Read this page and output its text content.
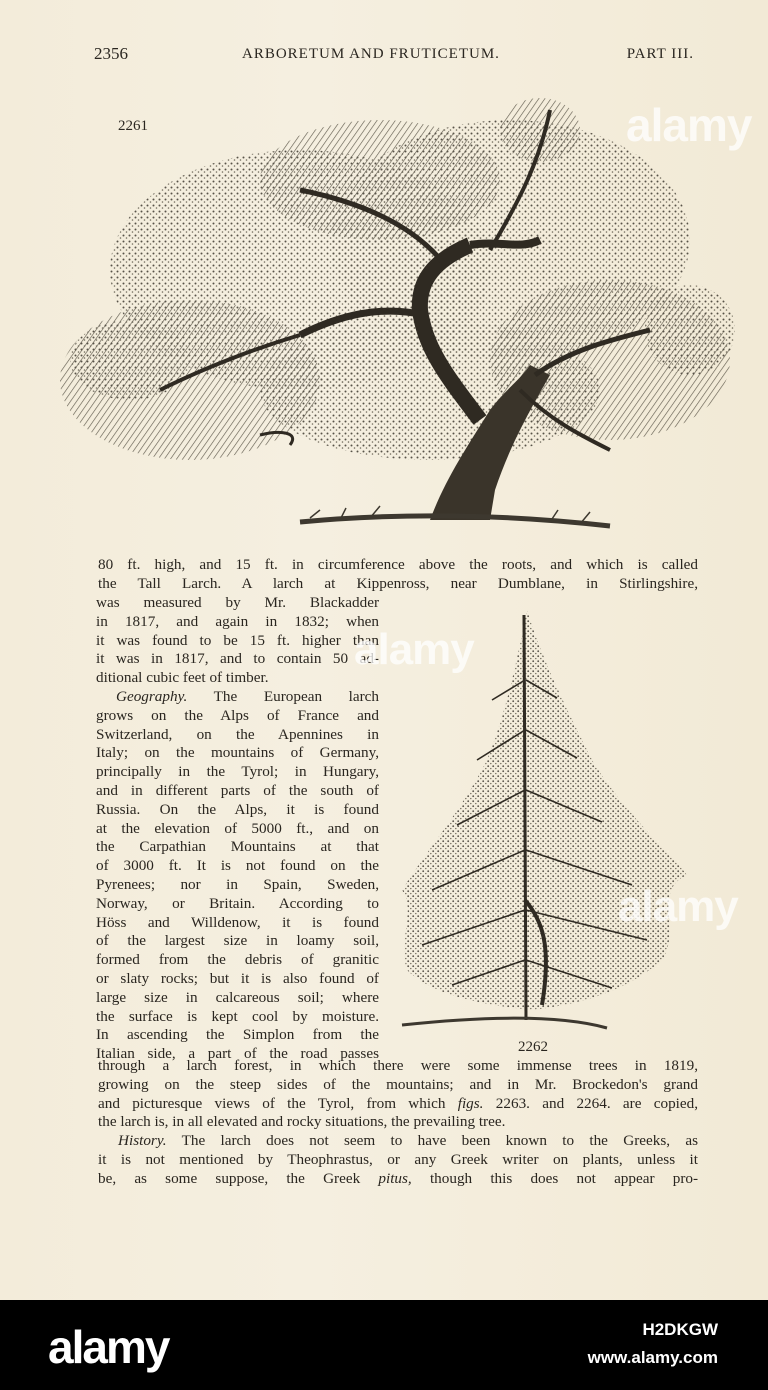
2356	ARBORETUM AND FRUTICETUM.	PART III.
2261	alamy
80 ft. high, and 15 ft. in circumference above the roots, and which is called
the Tall Larch. A larch at Kippenross, near Dumblane, in Stirlingshire,
was measured by Mr. Blackadder
in 1817, and again in 1832; when
it was found to be 15 ft. higher than
it was in 1817, and to contain 50 ad-
ditional cubic feet of timber.
Geography. The European larch
grows on the Alps of France and
Switzerland, on the Apennines in
Italy; on the mountains of Germany,
principally in the Tyrol; in Hungary,
and in different parts of the south of
Russia. On the Alps, it is found
at the elevation of 5000 ft., and on
the Carpathian Mountains at that
of 3000 ft. It is not found on the
Pyrenees; nor in Spain, Sweden,
Norway, or Britain. According to
Höss and Willdenow, it is found
of the largest size in loamy soil,
formed from the debris of granitic
or slaty rocks; but it is also found of
large size in calcareous soil; where
the surface is kept cool by moisture.
In ascending the Simplon from the
Italian side, a part of the road passes
alamy
alamy
2262
through a larch forest, in which there were some immense trees in 1819,
growing on the steep sides of the mountains; and in Mr. Brockedon's grand
and picturesque views of the Tyrol, from which figs. 2263. and 2264. are copied,
the larch is, in all elevated and rocky situations, the prevailing tree.
History. The larch does not seem to have been known to the Greeks, as
it is not mentioned by Theophrastus, or any Greek writer on plants, unless it
be, as some suppose, the Greek pitus, though this does not appear pro-
alamy	H2DKGW
www.alamy.com
